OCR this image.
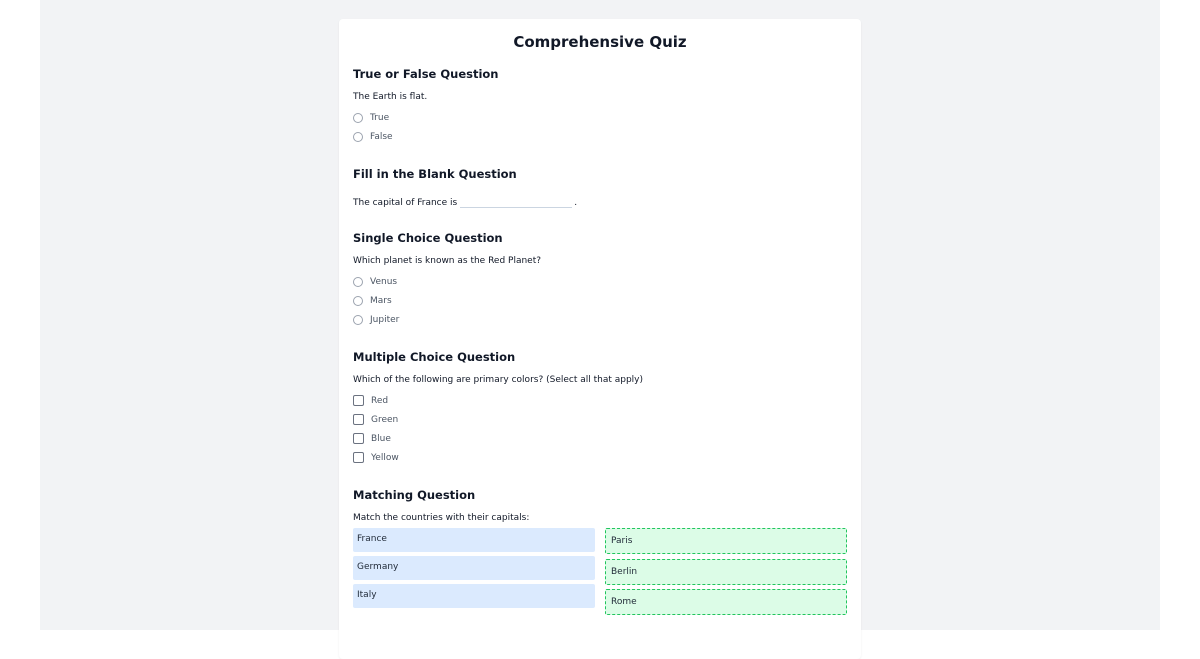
Comprehensive Quiz
True or False Question

The Earth is flat.

True
False
Fill in the Blank Question
The capital of France is	.
Single Choice Question

Which planet is known as the Red Planet?

Venus
Mars
Jupiter
Multiple Choice Question

Which of the following are primary colors? (Select all that apply)

Red
Green
Blue
Yellow
Matching Question

Match the countries with their capitals:

France
Germany
Italy
Paris
Berlin
Rome
